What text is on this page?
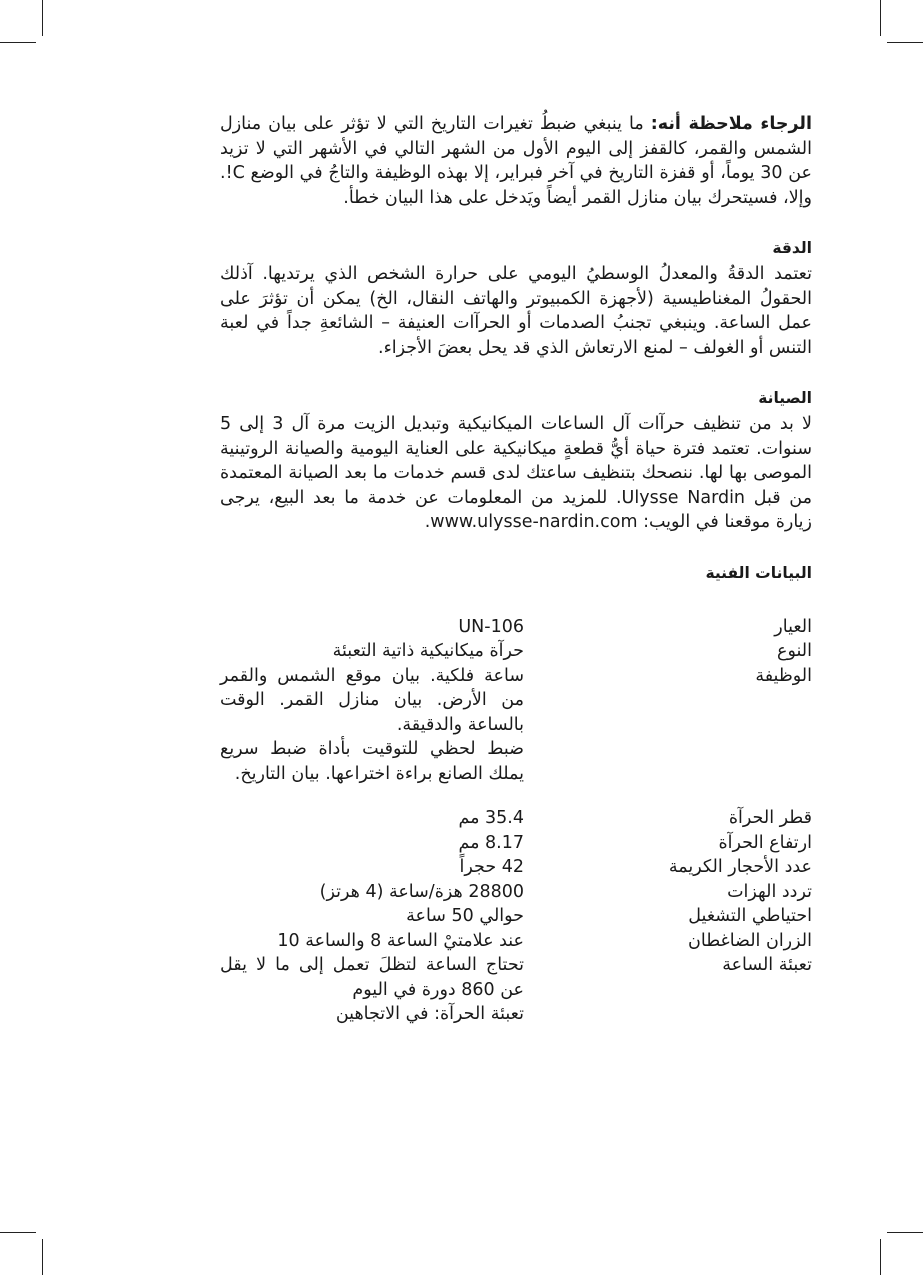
الرجاء ملاحظة أنه: ما ينبغي ضبطُ تغيرات التاريخ التي لا تؤثر على بيان منازل الشمس والقمر، كالقفز إلى اليوم الأول من الشهر التالي في الأشهر التي لا تزيد عن 30 يوماً، أو قفزة التاريخ في آخر فبراير، إلا بهذه الوظيفة والتاجُ في الوضع C!. وإلا، فسيتحرك بيان منازل القمر أيضاً ويَدخل على هذا البيان خطأ.

الدقة

تعتمد الدقةُ والمعدلُ الوسطيُ اليومي على حرارة الشخص الذي يرتديها. آذلك الحقولُ المغناطيسية (لأجهزة الكمبيوتر والهاتف النقال، الخ) يمكن أن تؤثرَ على عمل الساعة. وينبغي تجنبُ الصدمات أو الحرآات العنيفة – الشائعةِ جداً في لعبة التنس أو الغولف – لمنع الارتعاش الذي قد يحل بعضَ الأجزاء.

الصيانة

لا بد من تنظيف حرآات آل الساعات الميكانيكية وتبديل الزيت مرة آل 3 إلى 5 سنوات. تعتمد فترة حياة أيُّ قطعةٍ ميكانيكية على العناية اليومية والصيانة الروتينية الموصى بها لها. ننصحك بتنظيف ساعتك لدى قسم خدمات ما بعد الصيانة المعتمدة من قبل Ulysse Nardin. للمزيد من المعلومات عن خدمة ما بعد البيع، يرجى زيارة موقعنا في الويب: www.ulysse-nardin.com.

البيانات الفنية
العيار
UN-106
النوع
حرآة ميكانيكية ذاتية التعبئة
الوظيفة
ساعة فلكية. بيان موقع الشمس والقمر من الأرض. بيان منازل القمر. الوقت بالساعة والدقيقة.
ضبط لحظي للتوقيت بأداة ضبط سريع يملك الصانع براءة اختراعها. بيان التاريخ.
قطر الحرآة
35.4 مم
ارتفاع الحرآة
8.17 مم
عدد الأحجار الكريمة
42 حجراً
تردد الهزات
28800 هزة/ساعة (4 هرتز)
احتياطي التشغيل
حوالي 50 ساعة
الزران الضاغطان
عند علامتيْ الساعة 8 والساعة 10
تعبئة الساعة
تحتاج الساعة لتظلَ تعمل إلى ما لا يقل عن 860 دورة في اليوم
تعبئة الحرآة: في الاتجاهين
